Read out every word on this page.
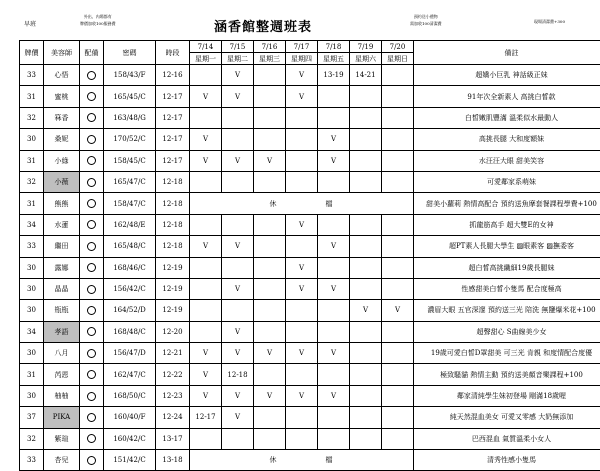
早班
外出、內場都有
牌價加收100服務費	涵香館整週班表
預約送小禮物
需加收100清潔費	現場清潔費+300
牌價	美容師	配備	密碼	時段	7/14	7/15	7/16	7/17	7/18	7/19	7/20	備註
					星期一	星期二	星期三	星期四	星期五	星期六	星期日	
33	心悟		158/43/F	12-16		V		V	13-19	14-21		超嬌小巨乳 神話級正妹
31	蜜桃		165/45/C	12-17	V	V		V				91年次全新素人 高挑白皙款
32	箖香		163/48/G	12-17								白皙嫩肌豐滿 溫柔似水最動人
30	桑妮		170/52/C	12-17	V				V			高挑長腿 大和度額妹
31	小綠		158/45/C	12-17	V	V	V		V			水汪汪大眼 甜美笑容
32	小薇		165/47/C	12-18								可愛鄰家系萌妹
31	熊熊		158/47/C	12-18	休 檔							甜美小蘿莉 熱情高配合 預約送魚摩套餐課程學費+100
34	水蓮		162/48/E	12-18				V				抓龍筋高手 超大雙E的女神
33	繼田		165/48/C	12-18	V	V			V			超PT素人長腿大學生 ▨眼素客 ▨撫委客
30	露娜		168/46/C	12-19				V				超白皙高挑纖細19歲長腿妹
30	晶晶		156/42/C	12-19		V		V	V			性感甜美白皙小隻馬 配合度極高
30	瓶瓶		164/52/D	12-19						V	V	濃眉大眼 五官深邃 預約送三光 陪洗 無鹽爆米花+100
34	孝語		168/48/C	12-20		V						超聲甜心 S曲線美少女
30	八月		156/47/D	12-21	V	V	V	V	V			19歲可愛白皙D罩甜美 可三光 肯親 和度情配合度優
31	芮恩		162/47/C	12-22	V	12-18						極致騷貓 熱情主動 預約送美顏音樂課程+100
30	柚柚		168/50/C	12-23	V	V	V	V	V			鄰家清純學生妹初登場 剛滿18歲喔
37	PIKA		160/40/F	12-24	12-17	V						純天然混血美女 可愛又零感 大奶無添加
32	紫瑄		160/42/C	13-17								巴西混血 氣質溫柔小女人
33	杏兒		151/42/C	13-18	休 檔							清秀性感小隻馬
